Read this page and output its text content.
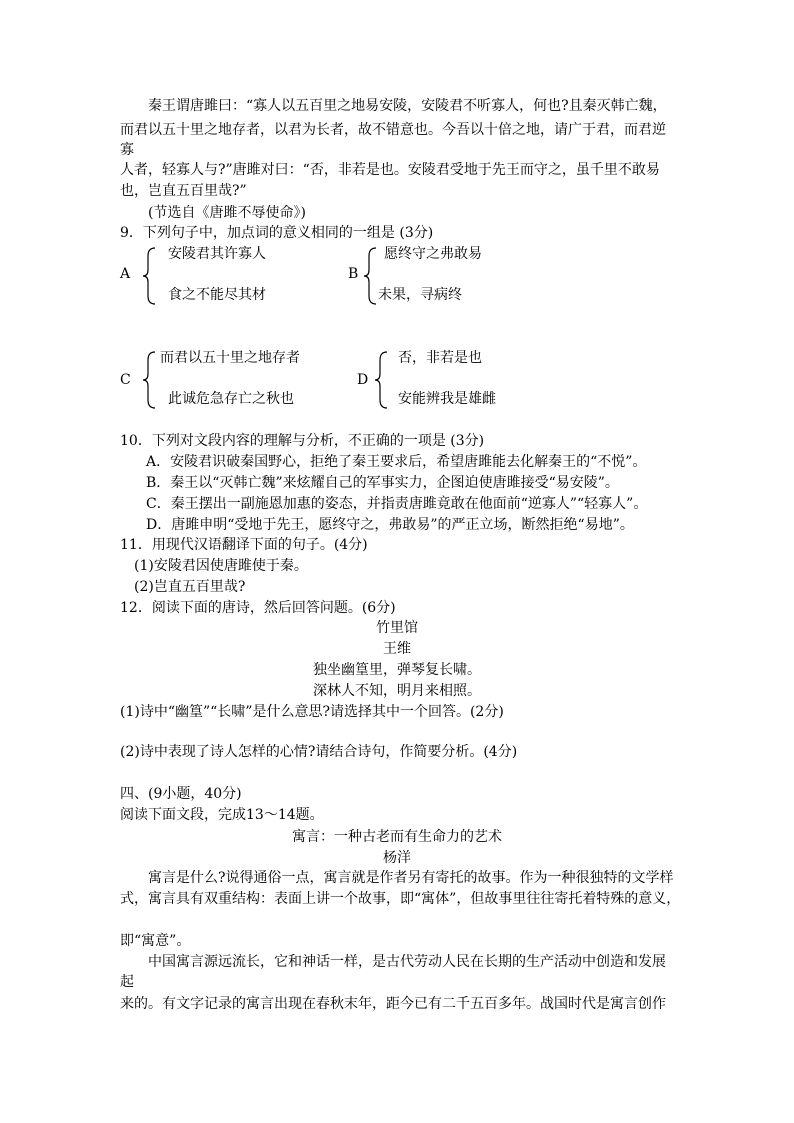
秦王谓唐雎曰：“寡人以五百里之地易安陵，安陵君不听寡人，何也?且秦灭韩亡魏，
而君以五十里之地存者，以君为长者，故不错意也。今吾以十倍之地，请广于君，而君逆
寡
人者，轻寡人与?”唐雎对曰：“否，非若是也。安陵君受地于先王而守之，虽千里不敢易
也，岂直五百里哉?”
(节选自《唐雎不辱使命》)
9．下列句子中，加点词的意义相同的一组是 (3分)
A
安陵君其许寡人
食之不能尽其材
B
愿终守之弗敢易
未果，寻病终
C
而君以五十里之地存者
此诚危急存亡之秋也
D
否，非若是也
安能辨我是雄雌
10．下列对文段内容的理解与分析，不正确的一项是 (3分)
A．安陵君识破秦国野心，拒绝了秦王要求后，希望唐雎能去化解秦王的“不悦”。
B．秦王以“灭韩亡魏”来炫耀自己的军事实力，企图迫使唐雎接受“易安陵”。
C．秦王摆出一副施恩加惠的姿态，并指责唐雎竟敢在他面前“逆寡人”“轻寡人”。
D．唐雎申明“受地于先王，愿终守之，弗敢易”的严正立场，断然拒绝“易地”。
11．用现代汉语翻译下面的句子。(4分)
(1)安陵君因使唐雎使于秦。
(2)岂直五百里哉?
12．阅读下面的唐诗，然后回答问题。(6分)
竹里馆
王维
独坐幽篁里，弹琴复长啸。
深林人不知，明月来相照。
(1)诗中“幽篁”“长啸”是什么意思?请选择其中一个回答。(2分)
(2)诗中表现了诗人怎样的心情?请结合诗句，作简要分析。(4分)
四、(9小题，40分)
阅读下面文段，完成13～14题。
寓言：一种古老而有生命力的艺术
杨洋
寓言是什么?说得通俗一点，寓言就是作者另有寄托的故事。作为一种很独特的文学样
式，寓言具有双重结构：表面上讲一个故事，即“寓体”，但故事里往往寄托着特殊的意义，
即“寓意”。
中国寓言源远流长，它和神话一样，是古代劳动人民在长期的生产活动中创造和发展
起
来的。有文字记录的寓言出现在春秋末年，距今已有二千五百多年。战国时代是寓言创作
